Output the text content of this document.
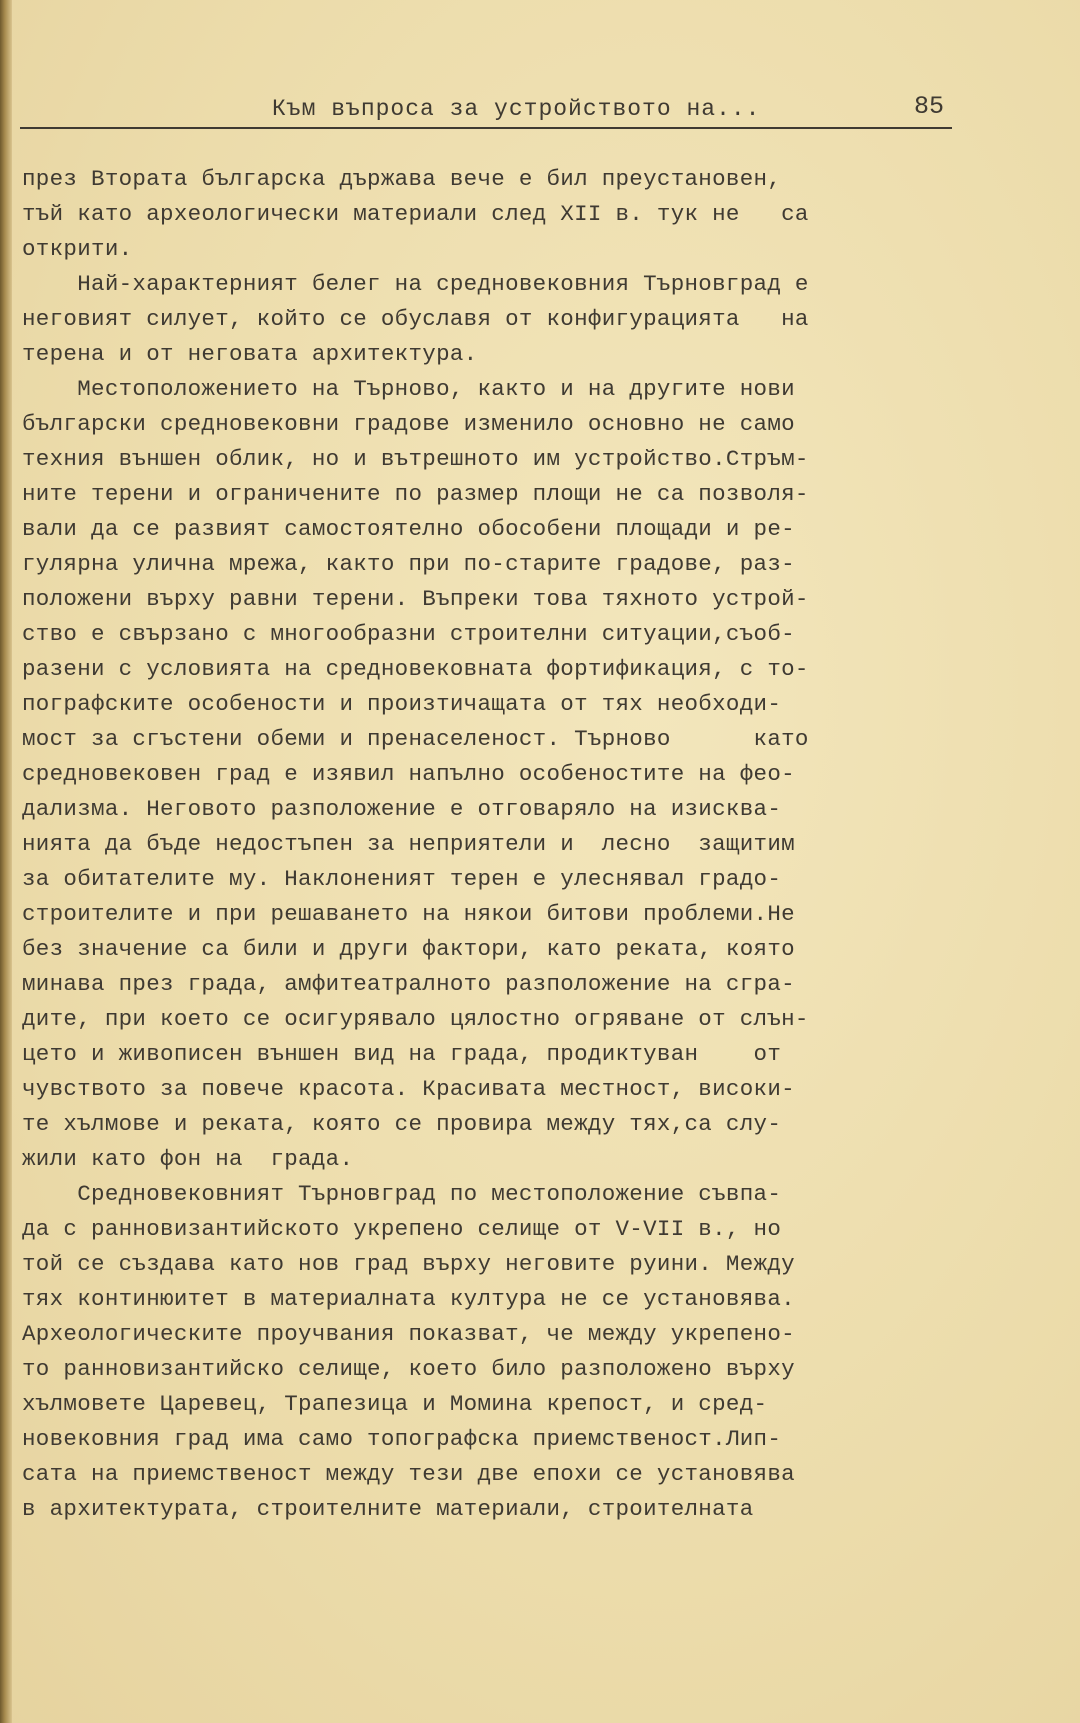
Към въпроса за устройството на...	85
през Втората българска държава вече е бил преустановен,
тъй като археологически материали след XII в. тук не   са
открити.
Най-характерният белег на средновековния Търновград е
неговият силует, който се обуславя от конфигурацията   на
терена и от неговата архитектура.
Местоположението на Търново, както и на другите нови
български средновековни градове изменило основно не само
техния външен облик, но и вътрешното им устройство.Стръм-
ните терени и ограничените по размер площи не са позволя-
вали да се развият самостоятелно обособени площади и ре-
гулярна улична мрежа, както при по-старите градове, раз-
положени върху равни терени. Въпреки това тяхното устрой-
ство е свързано с многообразни строителни ситуации,съоб-
разени с условията на средновековната фортификация, с то-
пографските особености и произтичащата от тях необходи-
мост за сгъстени обеми и пренаселеност. Търново      като
средновековен град е изявил напълно особеностите на фео-
дализма. Неговото разположение е отговаряло на изисква-
нията да бъде недостъпен за неприятели и  лесно  защитим
за обитателите му. Наклоненият терен е улеснявал градо-
строителите и при решаването на някои битови проблеми.Не
без значение са били и други фактори, като реката, която
минава през града, амфитеатралното разположение на сгра-
дите, при което се осигурявало цялостно огряване от слън-
цето и живописен външен вид на града, продиктуван    от
чувството за повече красота. Красивата местност, високи-
те хълмове и реката, която се провира между тях,са слу-
жили като фон на  града.
Средновековният Търновград по местоположение съвпа-
да с ранновизантийското укрепено селище от V-VII в., но
той се създава като нов град върху неговите руини. Между
тях континюитет в материалната култура не се установява.
Археологическите проучвания показват, че между укрепено-
то ранновизантийско селище, което било разположено върху
хълмовете Царевец, Трапезица и Момина крепост, и сред-
новековния град има само топографска приемственост.Лип-
сата на приемственост между тези две епохи се установява
в архитектурата, строителните материали, строителната
